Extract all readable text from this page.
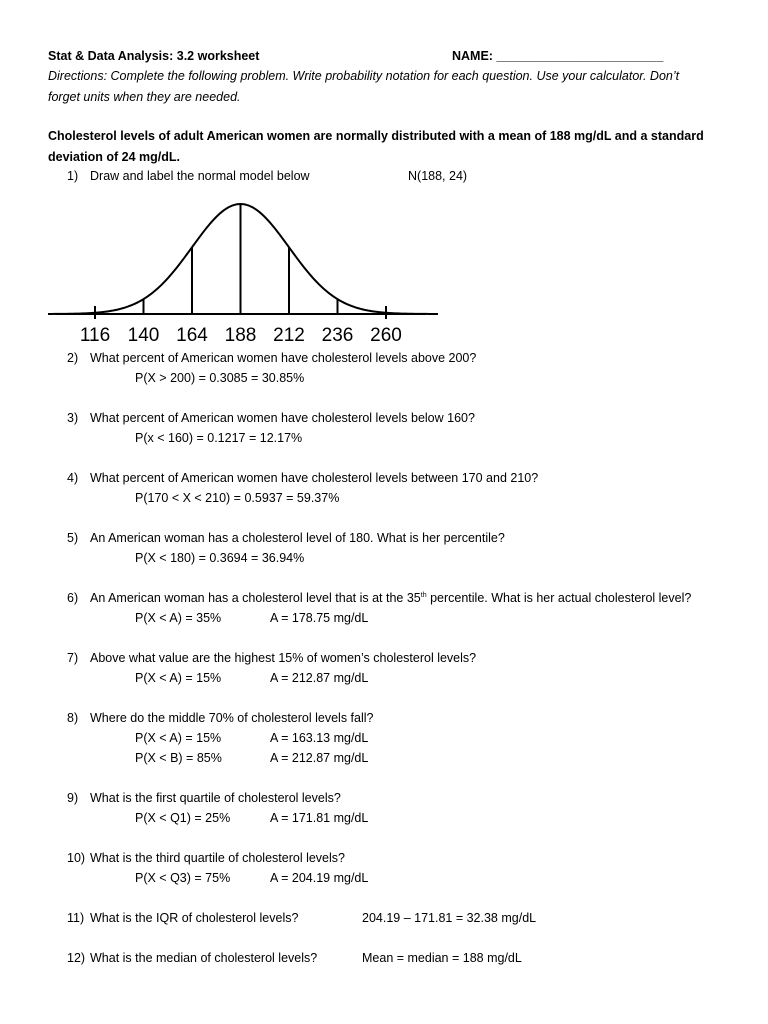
Stat & Data Analysis: 3.2 worksheet	NAME: ________________________
Directions: Complete the following problem. Write probability notation for each question. Use your calculator. Don’t
forget units when they are needed.
Cholesterol levels of adult American women are normally distributed with a mean of 188 mg/dL and a standard
deviation of 24 mg/dL.
1) Draw and label the normal model below	N(188, 24)
116 140 164 188 212 236 260
2) What percent of American women have cholesterol levels above 200?
P(X > 200) = 0.3085 = 30.85%
3) What percent of American women have cholesterol levels below 160?
P(x < 160) = 0.1217 = 12.17%
4) What percent of American women have cholesterol levels between 170 and 210?
P(170 < X < 210) = 0.5937 = 59.37%
5) An American woman has a cholesterol level of 180. What is her percentile?
P(X < 180) = 0.3694 = 36.94%
6) An American woman has a cholesterol level that is at the 35th percentile. What is her actual cholesterol level?
P(X < A) = 35%	A = 178.75 mg/dL
7) Above what value are the highest 15% of women’s cholesterol levels?
P(X < A) = 15%	A = 212.87 mg/dL
8) Where do the middle 70% of cholesterol levels fall?
P(X < A) = 15%	A = 163.13 mg/dL
P(X < B) = 85%	A = 212.87 mg/dL
9) What is the first quartile of cholesterol levels?
P(X < Q1) = 25%	A = 171.81 mg/dL
10) What is the third quartile of cholesterol levels?
P(X < Q3) = 75%	A = 204.19 mg/dL
11) What is the IQR of cholesterol levels?	204.19 – 171.81 = 32.38 mg/dL
12) What is the median of cholesterol levels?	Mean = median = 188 mg/dL
